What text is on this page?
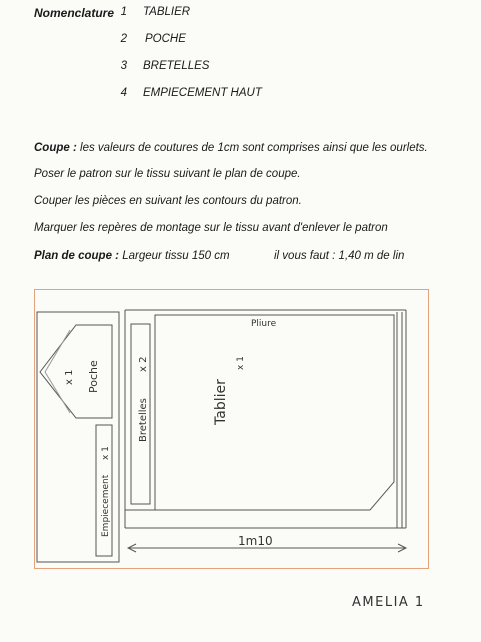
Nomenclature 1 TABLIER
2 POCHE
3 BRETELLES
4 EMPIECEMENT HAUT
Coupe : les valeurs de coutures de 1cm sont comprises ainsi que les ourlets.
Poser le patron sur le tissu suivant le plan de coupe.
Couper les pièces en suivant les contours du patron.
Marquer les repères de montage sur le tissu avant d'enlever le patron
Plan de coupe : Largeur tissu 150 cm	il vous faut : 1,40 m de lin
Pliure
Poche
x 1
Empiecement
x 1
Bretelles
x 2
Tablier
x 1
1m10
AMELIA 1
